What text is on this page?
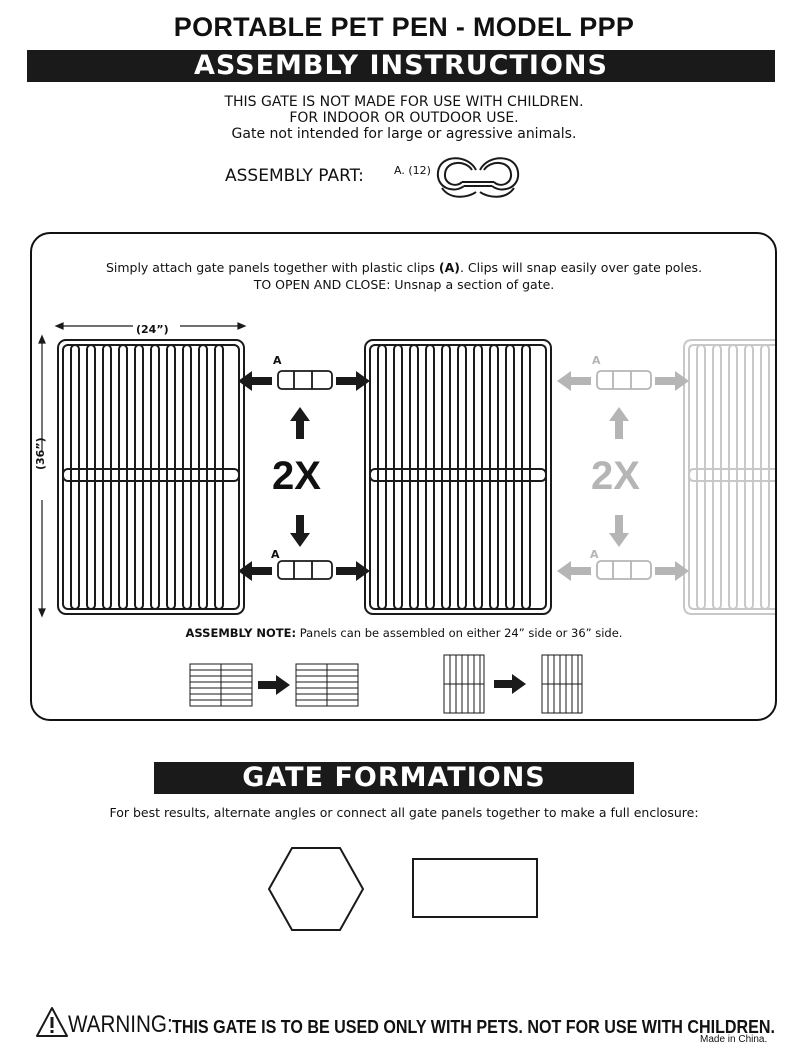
PORTABLE PET PEN - MODEL PPP
ASSEMBLY INSTRUCTIONS
THIS GATE IS NOT MADE FOR USE WITH CHILDREN.
FOR INDOOR OR OUTDOOR USE.
Gate not intended for large or agressive animals.
ASSEMBLY PART:	A. (12)
Simply attach gate panels together with plastic clips (A). Clips will snap easily over gate poles.
TO OPEN AND CLOSE: Unsnap a section of gate.
(24”)
(36”)
A
A
2X
A
A
2X
ASSEMBLY NOTE: Panels can be assembled on either 24” side or 36” side.
GATE FORMATIONS
For best results, alternate angles or connect all gate panels together to make a full enclosure:
WARNING: THIS GATE IS TO BE USED ONLY WITH PETS. NOT FOR USE WITH CHILDREN.
Made in China.
